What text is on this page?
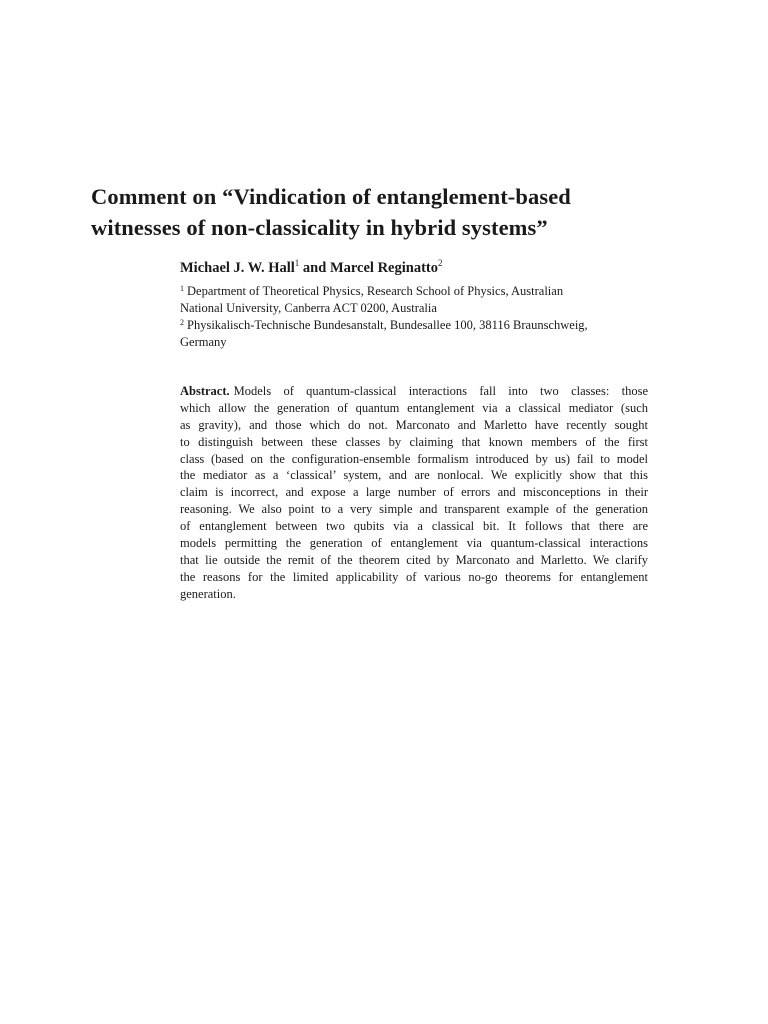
Comment on “Vindication of entanglement-based
witnesses of non-classicality in hybrid systems”
Michael J. W. Hall$^1$ and Marcel Reginatto$^2$
$^1$ Department of Theoretical Physics, Research School of Physics, Australian
National University, Canberra ACT 0200, Australia
$^2$ Physikalisch-Technische Bundesanstalt, Bundesallee 100, 38116 Braunschweig,
Germany
Abstract. Models of quantum-classical interactions fall into two classes: those
which allow the generation of quantum entanglement via a classical mediator (such
as gravity), and those which do not. Marconato and Marletto have recently sought
to distinguish between these classes by claiming that known members of the first
class (based on the configuration-ensemble formalism introduced by us) fail to model
the mediator as a ‘classical’ system, and are nonlocal. We explicitly show that this
claim is incorrect, and expose a large number of errors and misconceptions in their
reasoning. We also point to a very simple and transparent example of the generation
of entanglement between two qubits via a classical bit. It follows that there are
models permitting the generation of entanglement via quantum-classical interactions
that lie outside the remit of the theorem cited by Marconato and Marletto. We clarify
the reasons for the limited applicability of various no-go theorems for entanglement
generation.
